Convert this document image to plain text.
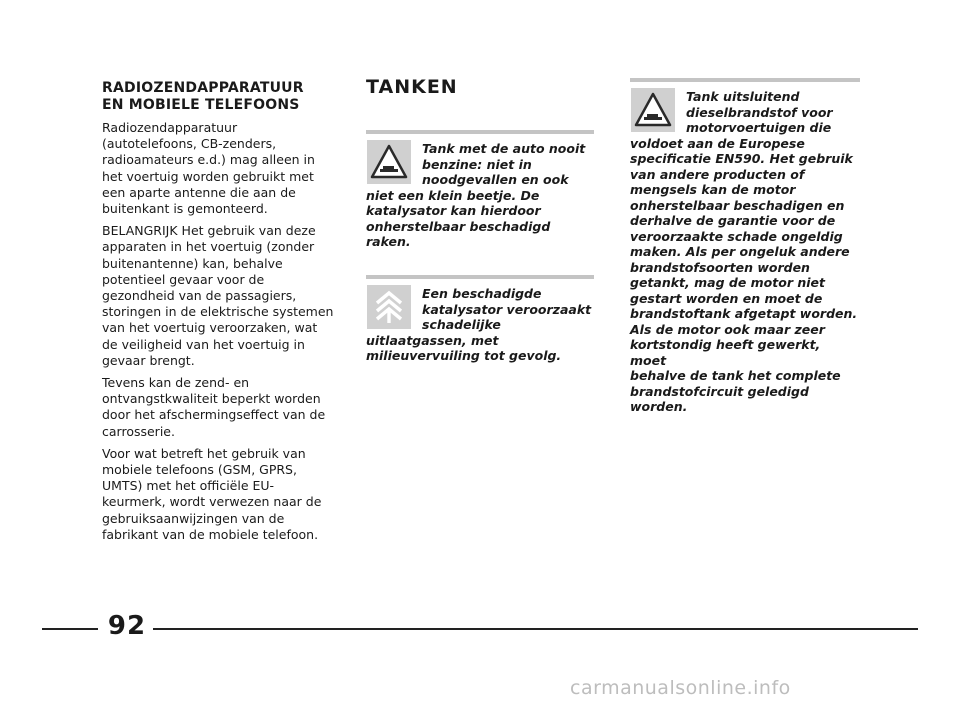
RADIOZENDAPPARATUUR
EN MOBIELE TELEFOONS

Radiozendapparatuur (autotelefoons, CB-zenders, radioamateurs e.d.) mag alleen in het voertuig worden gebruikt met een aparte antenne die aan de buitenkant is gemonteerd.

BELANGRIJK Het gebruik van deze apparaten in het voertuig (zonder buitenantenne) kan, behalve potentieel gevaar voor de gezondheid van de passagiers, storingen in de elektrische systemen van het voertuig veroorzaken, wat de veiligheid van het voertuig in gevaar brengt.

Tevens kan de zend- en ontvangstkwaliteit beperkt worden door het afschermingseffect van de carrosserie.

Voor wat betreft het gebruik van mobiele telefoons (GSM, GPRS, UMTS) met het officiële EU-keurmerk, wordt verwezen naar de gebruiksaanwijzingen van de fabrikant van de mobiele telefoon.

TANKEN

Tank met de auto nooit
benzine: niet in
noodgevallen en ook
niet een klein beetje. De
katalysator kan hierdoor
onherstelbaar beschadigd raken.

Een beschadigde
katalysator veroorzaakt
schadelijke
uitlaatgassen, met
milieuvervuiling tot gevolg.

Tank uitsluitend
dieselbrandstof voor
motorvoertuigen die
voldoet aan de Europese
specificatie EN590. Het gebruik
van andere producten of
mengsels kan de motor
onherstelbaar beschadigen en
derhalve de garantie voor de
veroorzaakte schade ongeldig
maken. Als per ongeluk andere
brandstofsoorten worden
getankt, mag de motor niet
gestart worden en moet de
brandstoftank afgetapt worden.
Als de motor ook maar zeer
kortstondig heeft gewerkt, moet
behalve de tank het complete
brandstofcircuit geledigd
worden.

92
carmanualsonline.info
